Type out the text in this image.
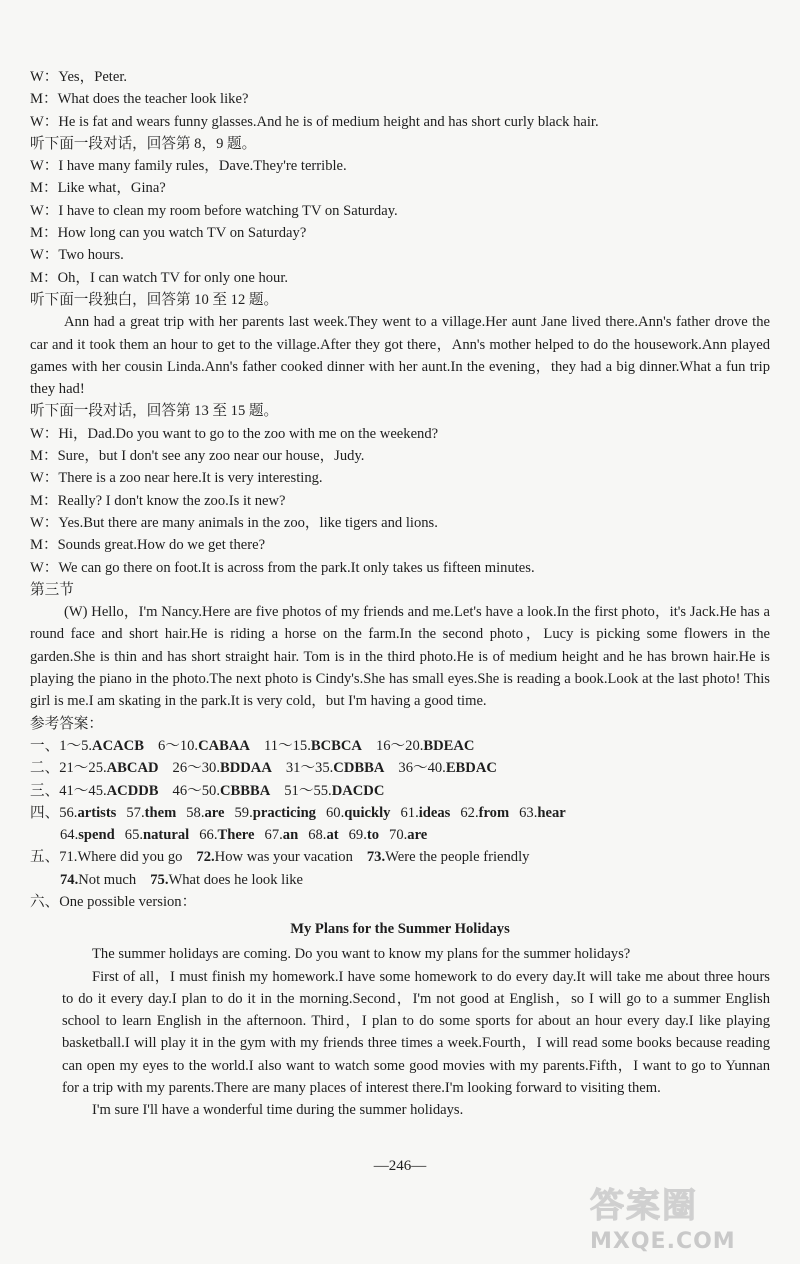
W：Yes，Peter.
M：What does the teacher look like?
W：He is fat and wears funny glasses.And he is of medium height and has short curly black hair.
听下面一段对话，回答第 8，9 题。
W：I have many family rules，Dave.They're terrible.
M：Like what，Gina?
W：I have to clean my room before watching TV on Saturday.
M：How long can you watch TV on Saturday?
W：Two hours.
M：Oh，I can watch TV for only one hour.
听下面一段独白，回答第 10 至 12 题。
Ann had a great trip with her parents last week.They went to a village.Her aunt Jane lived there.Ann's father drove the car and it took them an hour to get to the village.After they got there，Ann's mother helped to do the housework.Ann played games with her cousin Linda.Ann's father cooked dinner with her aunt.In the evening，they had a big dinner.What a fun trip they had!
听下面一段对话，回答第 13 至 15 题。
W：Hi，Dad.Do you want to go to the zoo with me on the weekend?
M：Sure，but I don't see any zoo near our house，Judy.
W：There is a zoo near here.It is very interesting.
M：Really? I don't know the zoo.Is it new?
W：Yes.But there are many animals in the zoo，like tigers and lions.
M：Sounds great.How do we get there?
W：We can go there on foot.It is across from the park.It only takes us fifteen minutes.
第三节
(W) Hello，I'm Nancy.Here are five photos of my friends and me.Let's have a look.In the first photo，it's Jack.He has a round face and short hair.He is riding a horse on the farm.In the second photo，Lucy is picking some flowers in the garden.She is thin and has short straight hair. Tom is in the third photo.He is of medium height and he has brown hair.He is playing the piano in the photo.The next photo is Cindy's.She has small eyes.She is reading a book.Look at the last photo! This girl is me.I am skating in the park.It is very cold，but I'm having a good time.
参考答案：
一、1～5.ACACB 6～10.CABAA 11～15.BCBCA 16～20.BDEAC
二、21～25.ABCAD 26～30.BDDAA 31～35.CDBBA 36～40.EBDAC
三、41～45.ACDDB 46～50.CBBBA 51～55.DACDC
四、56.artists 57.them 58.are 59.practicing 60.quickly 61.ideas 62.from 63.hear
64.spend 65.natural 66.There 67.an 68.at 69.to 70.are
五、71.Where did you go 72.How was your vacation 73.Were the people friendly
74.Not much 75.What does he look like
六、One possible version：
My Plans for the Summer Holidays

The summer holidays are coming. Do you want to know my plans for the summer holidays?

First of all，I must finish my homework.I have some homework to do every day.It will take me about three hours to do it every day.I plan to do it in the morning.Second，I'm not good at English，so I will go to a summer English school to learn English in the afternoon. Third，I plan to do some sports for about an hour every day.I like playing basketball.I will play it in the gym with my friends three times a week.Fourth，I will read some books because reading can open my eyes to the world.I also want to watch some good movies with my parents.Fifth，I want to go to Yunnan for a trip with my parents.There are many places of interest there.I'm looking forward to visiting them.

I'm sure I'll have a wonderful time during the summer holidays.

—246—
答案圈
MXQE.COM
